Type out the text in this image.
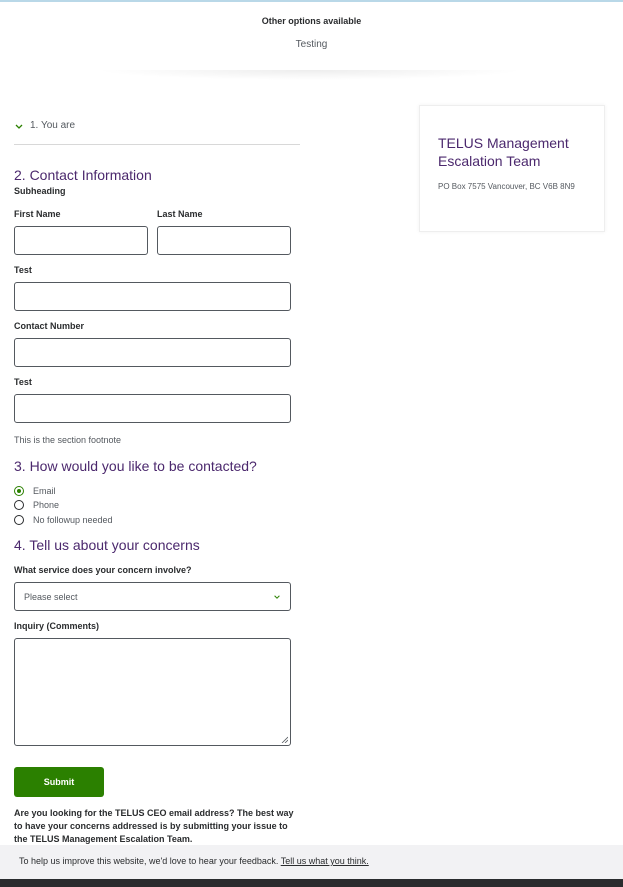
Other options available
Testing
1. You are
2. Contact Information
Subheading
First Name	Last Name
Test
Contact Number
Test
This is the section footnote
3. How would you like to be contacted?
Email
Phone
No followup needed
4. Tell us about your concerns
What service does your concern involve?
Please select
Inquiry (Comments)
Submit
Are you looking for the TELUS CEO email address? The best way to have your concerns addressed is by submitting your issue to the TELUS Management Escalation Team.
TELUS Management Escalation Team
PO Box 7575 Vancouver, BC V6B 8N9
To help us improve this website, we'd love to hear your feedback. Tell us what you think.
